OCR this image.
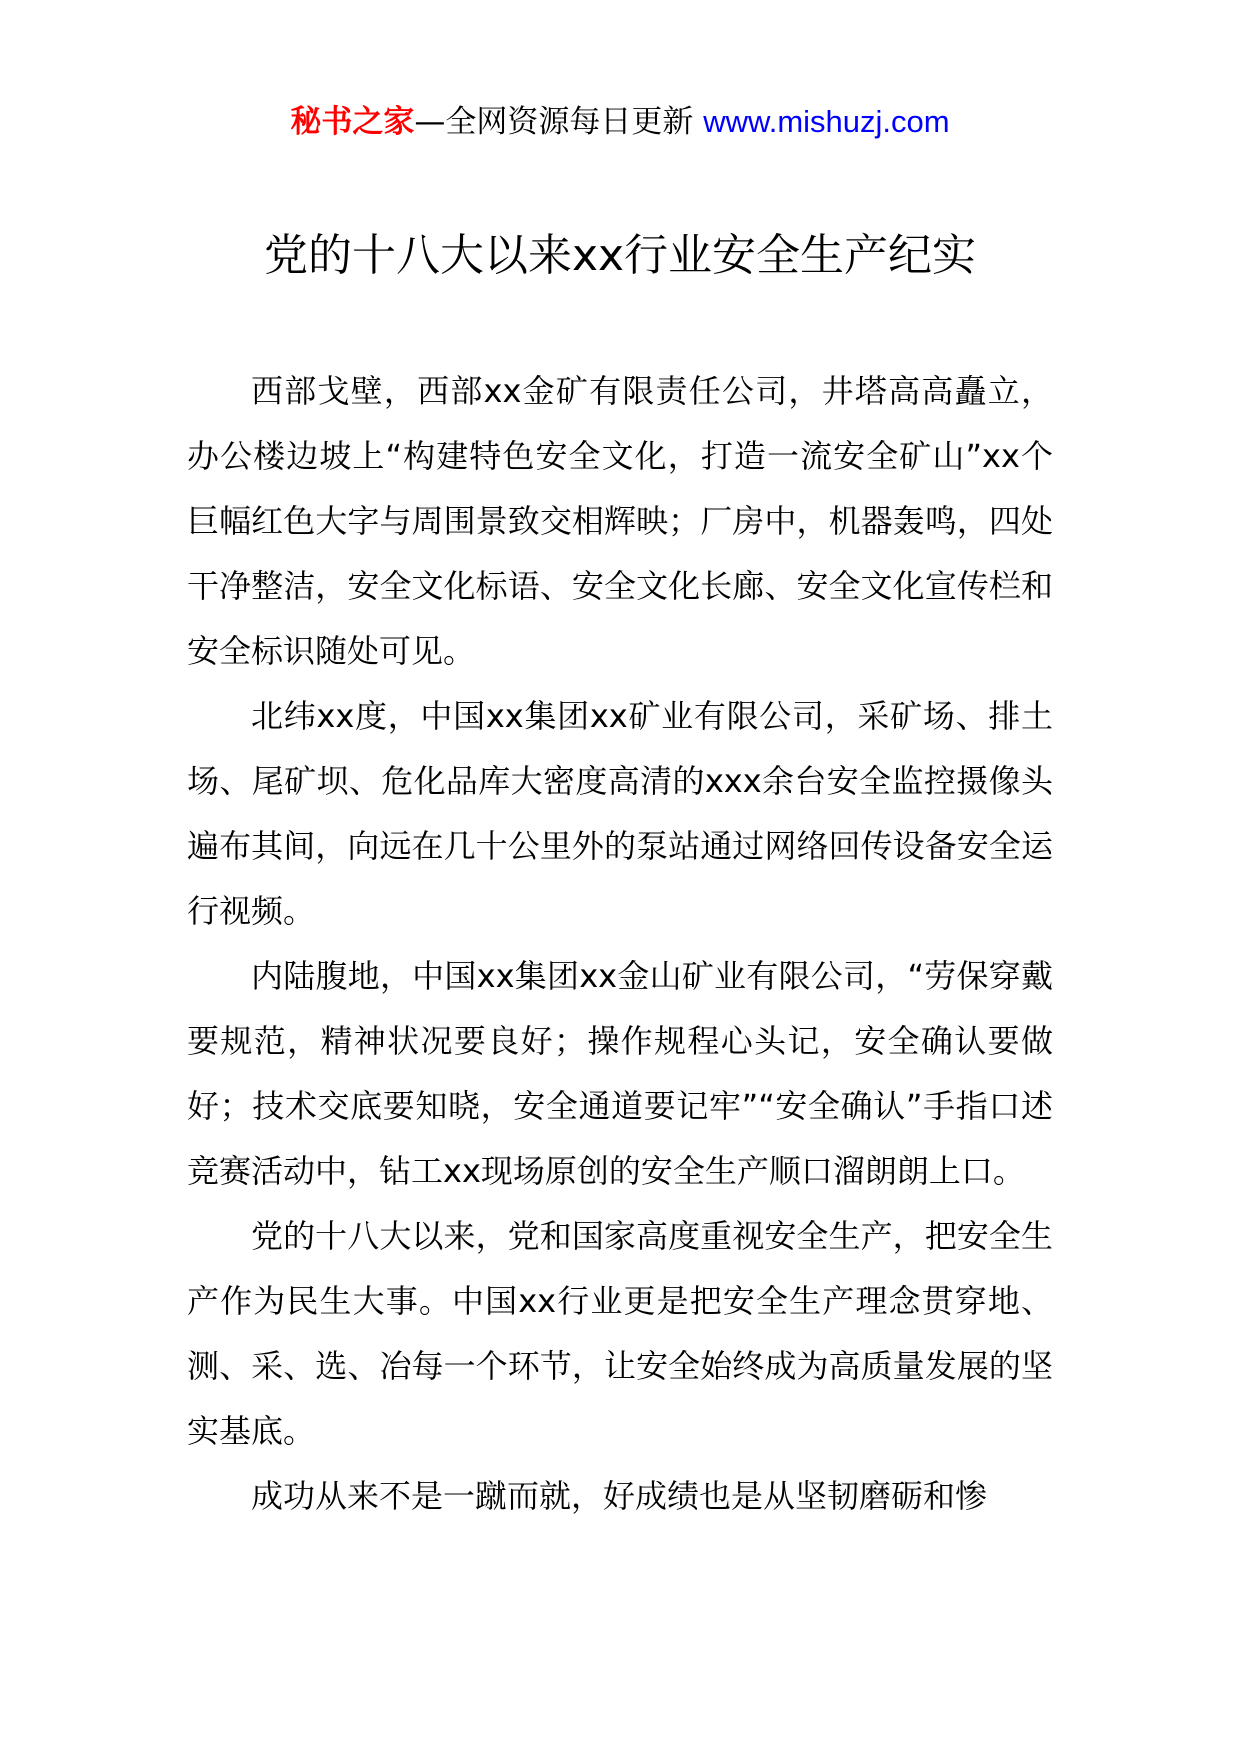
秘书之家—全网资源每日更新 www.mishuzj.com
党的十八大以来xx行业安全生产纪实

西部戈壁，西部xx金矿有限责任公司，井塔高高矗立，办公楼边坡上“构建特色安全文化，打造一流安全矿山”xx个巨幅红色大字与周围景致交相辉映；厂房中，机器轰鸣，四处干净整洁，安全文化标语、安全文化长廊、安全文化宣传栏和安全标识随处可见。

北纬xx度，中国xx集团xx矿业有限公司，采矿场、排土场、尾矿坝、危化品库大密度高清的xxx余台安全监控摄像头遍布其间，向远在几十公里外的泵站通过网络回传设备安全运行视频。

内陆腹地，中国xx集团xx金山矿业有限公司，“劳保穿戴要规范，精神状况要良好；操作规程心头记，安全确认要做好；技术交底要知晓，安全通道要记牢”“安全确认”手指口述竞赛活动中，钻工xx现场原创的安全生产顺口溜朗朗上口。

党的十八大以来，党和国家高度重视安全生产，把安全生产作为民生大事。中国xx行业更是把安全生产理念贯穿地、测、采、选、冶每一个环节，让安全始终成为高质量发展的坚实基底。

成功从来不是一蹴而就，好成绩也是从坚韧磨砺和惨
